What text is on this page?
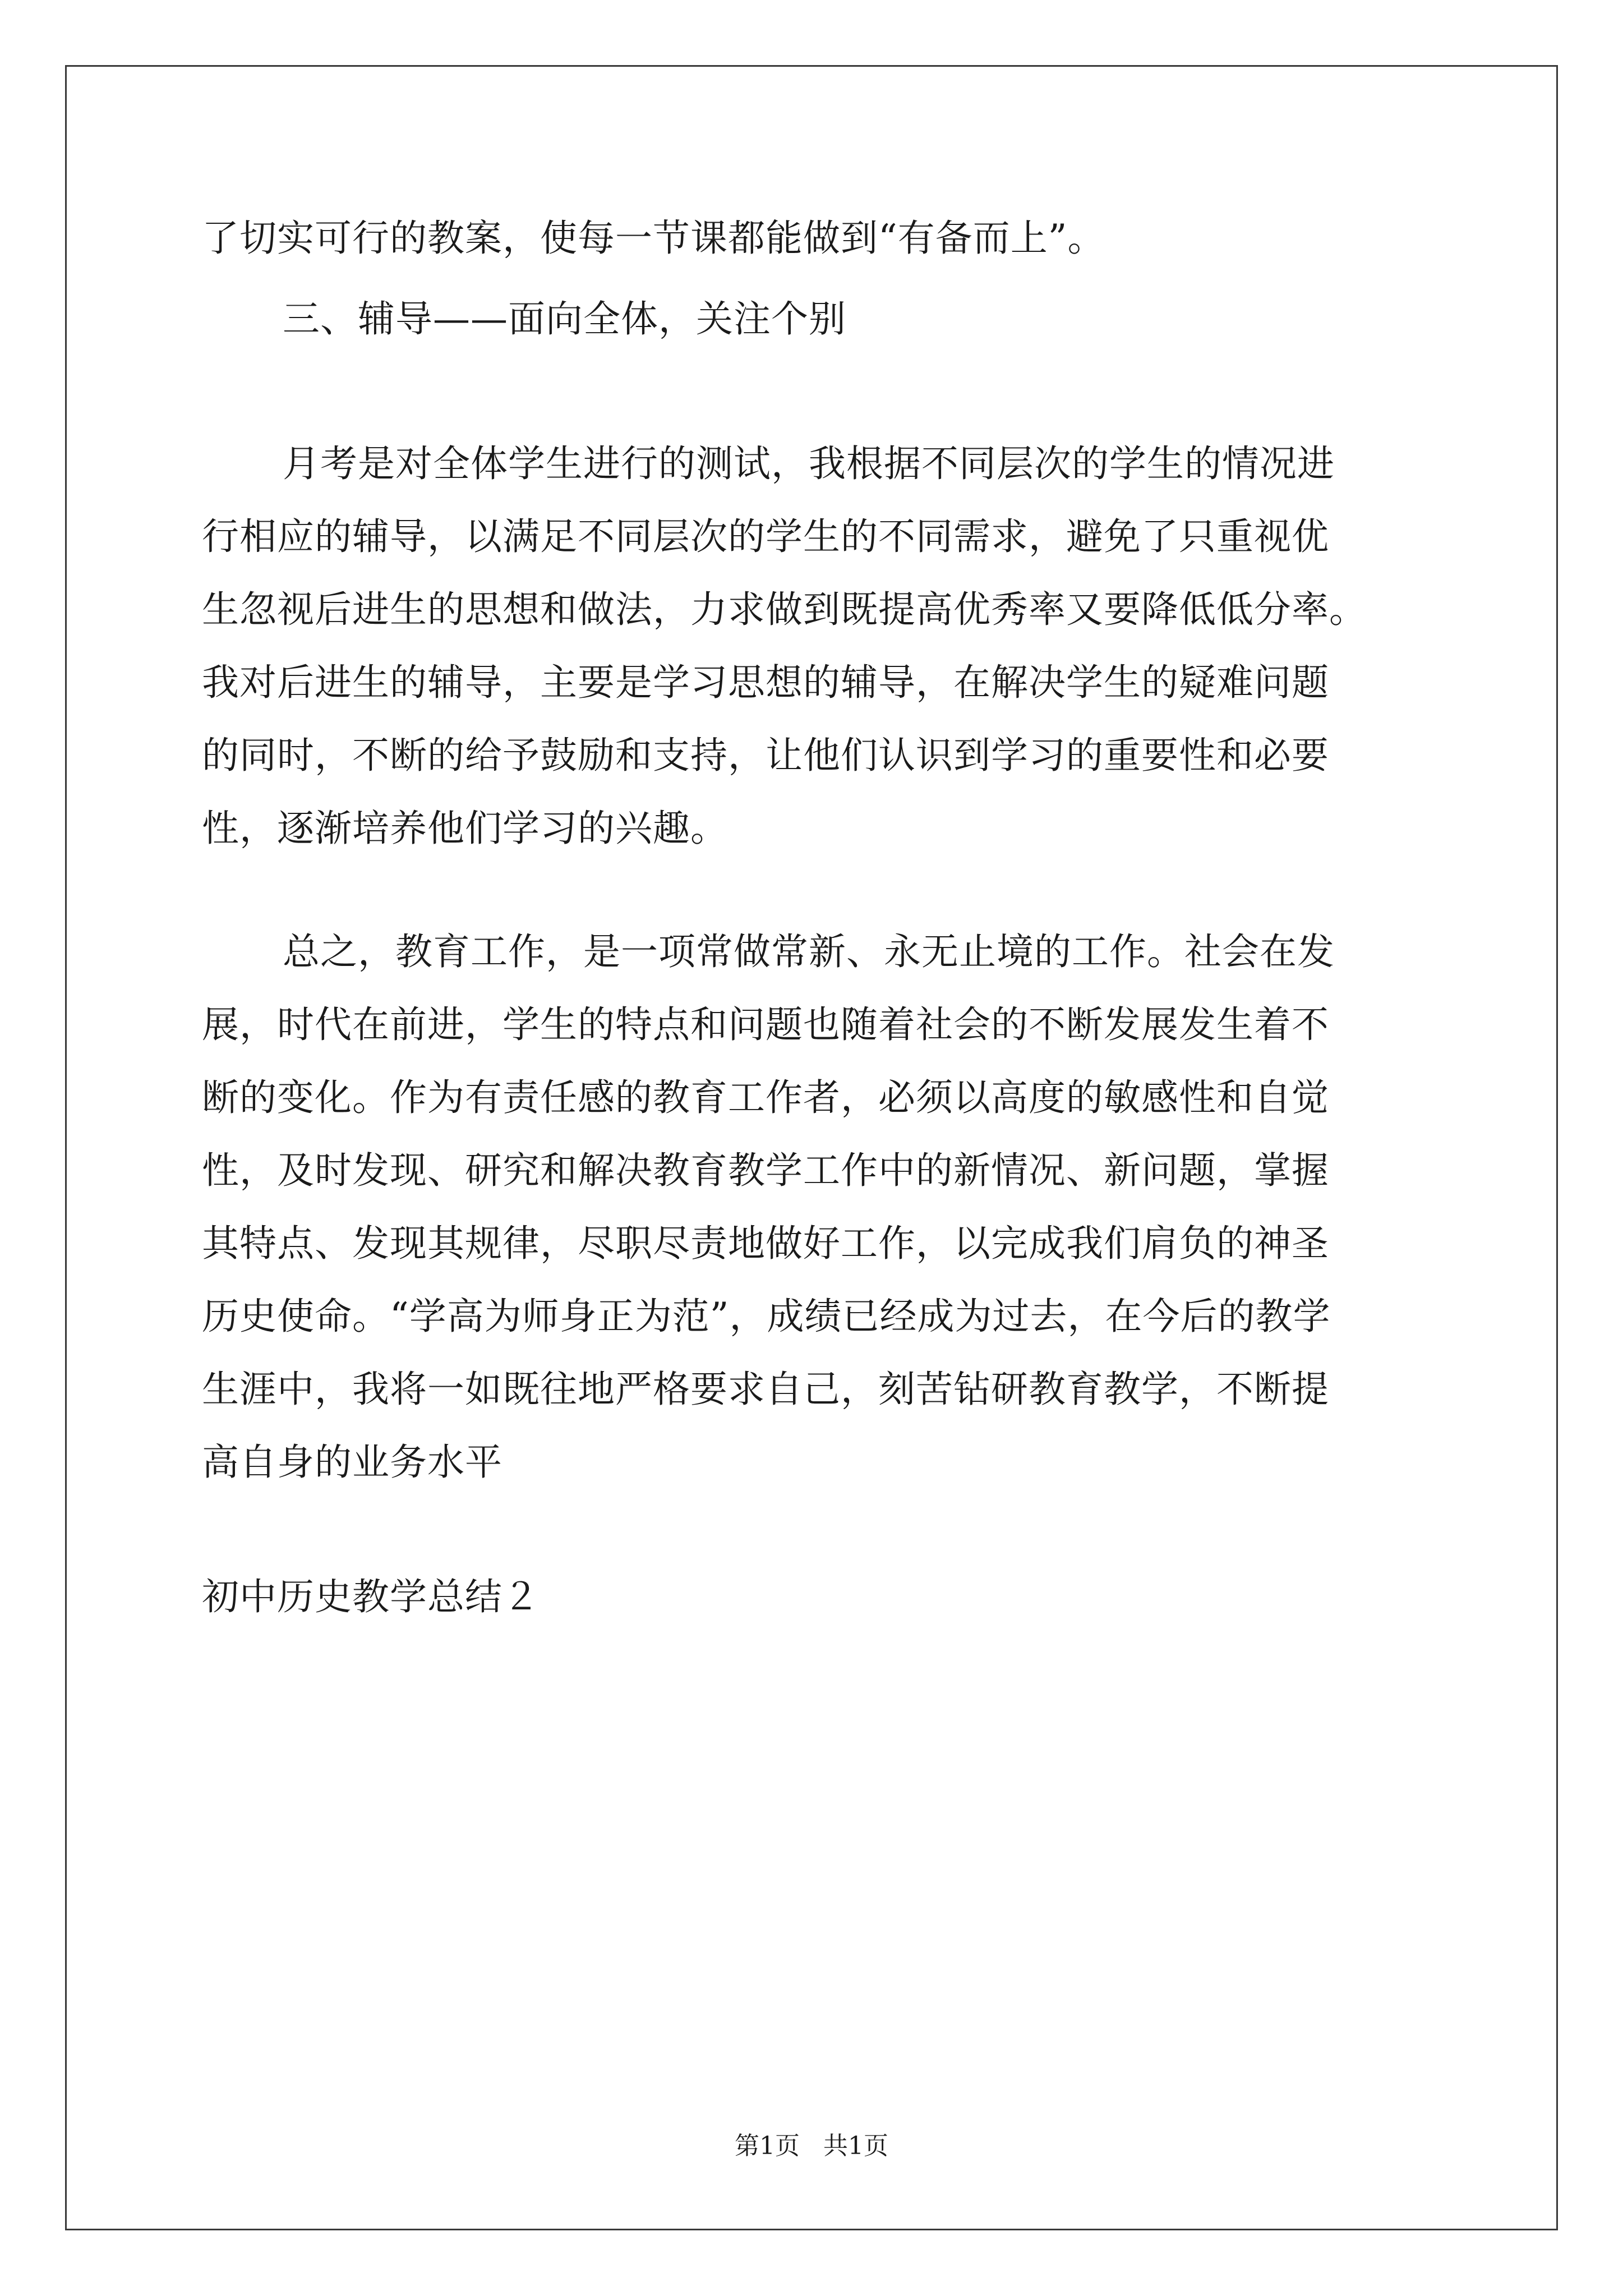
了切实可行的教案，使每一节课都能做到“有备而上”。
三、辅导——面向全体，关注个别
月考是对全体学生进行的测试，我根据不同层次的学生的情况进
行相应的辅导，以满足不同层次的学生的不同需求，避免了只重视优
生忽视后进生的思想和做法，力求做到既提高优秀率又要降低低分率。
我对后进生的辅导，主要是学习思想的辅导，在解决学生的疑难问题
的同时，不断的给予鼓励和支持，让他们认识到学习的重要性和必要
性，逐渐培养他们学习的兴趣。
总之，教育工作，是一项常做常新、永无止境的工作。社会在发
展，时代在前进，学生的特点和问题也随着社会的不断发展发生着不
断的变化。作为有责任感的教育工作者，必须以高度的敏感性和自觉
性，及时发现、研究和解决教育教学工作中的新情况、新问题，掌握
其特点、发现其规律，尽职尽责地做好工作，以完成我们肩负的神圣
历史使命。“学高为师身正为范”，成绩已经成为过去，在今后的教学
生涯中，我将一如既往地严格要求自己，刻苦钻研教育教学，不断提
高自身的业务水平
初中历史教学总结２
第1页   共1页
